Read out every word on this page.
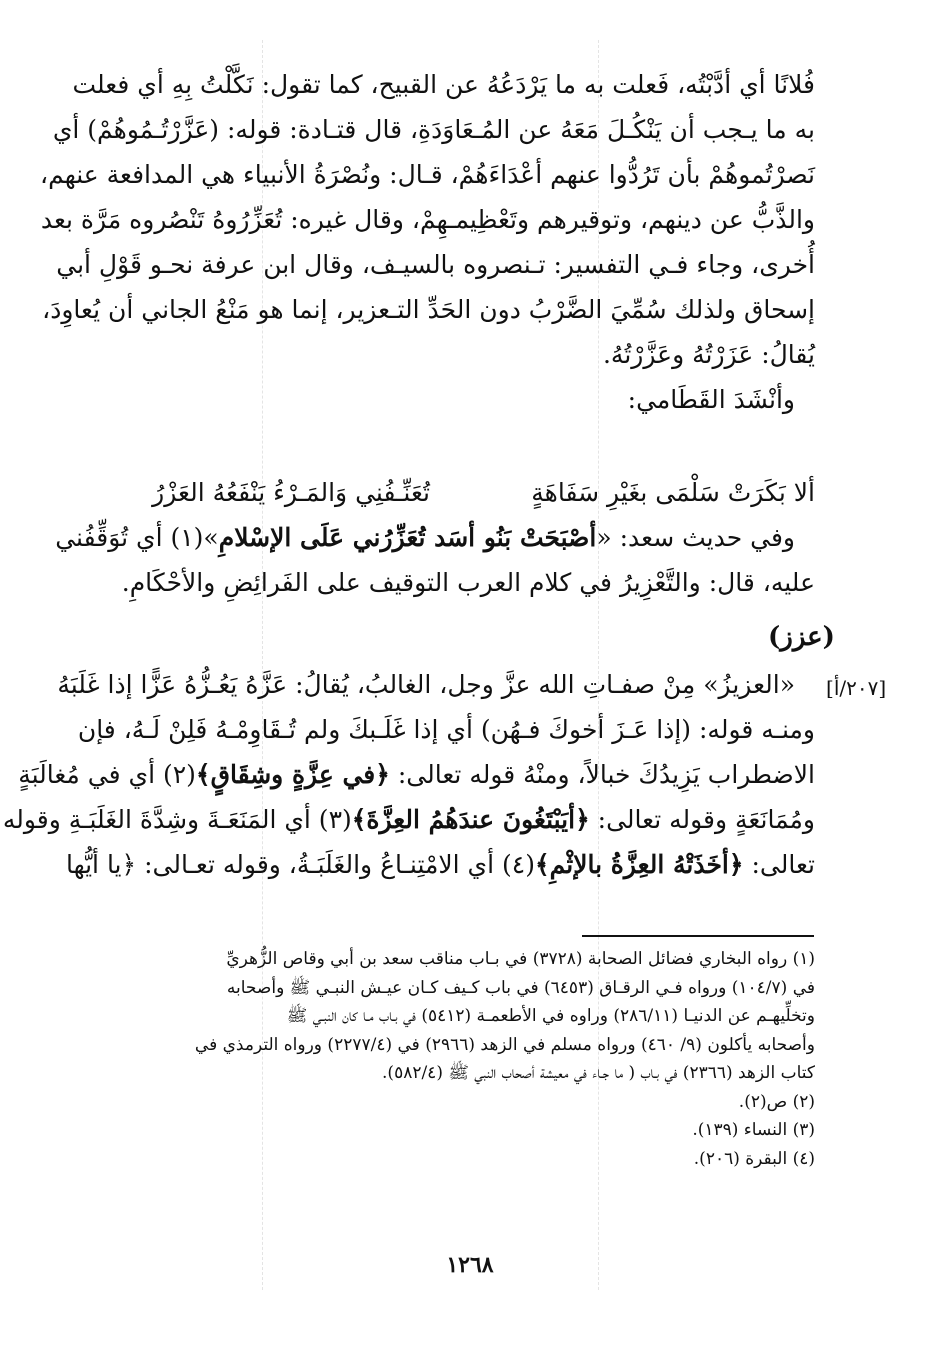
فُلانًا أي أدَّبْتُه، فَعلت به ما يَرْدَعُهُ عن القبيح، كما تقول: نَكَّلْتُ بِهِ أي فعلت
به ما يـجب أن يَنْكُـلَ مَعَهُ عن المُـعَاوَدَةِ، قال قتـادة: قوله: (عَزَّرْتُـمُوهُمْ) أي
نَصرْتُموهُمْ بأن تَرُدُّوا عنهم أعْدَاءَهُمْ، قـال: ونُصْرَةُ الأنبياء هي المدافعة عنهم،
والذَّبُّ عن دينهم، وتوقيرهم وتَعْظِيمـهِمْ، وقال غيره: تُعَزِّرُوهُ تَنْصُروه مَرَّة بعد
أُخرى، وجاء فـي التفسير: تـنصروه بالسيـف، وقال ابن عرفة نحـو قَوْلِ أبي
إسحاق ولذلك سُمِّيَ الضَّرْبُ دون الحَدِّ التـعزير، إنما هو مَنْعُ الجاني أن يُعاوِدَ،
يُقالُ: عَزَرْتُهُ وعَزَّرْتُهُ.
وأنْشَدَ القَطَامي:
ألا بَكَرَتْ سَلْمَى بغَيْرِ سَفَاهَةٍ
تُعَنِّـفُنِي وَالمَـرْءُ يَنْفَعُهُ العَزْرُ
وفي حديث سعد: «أصْبَحَتْ بَنُو أسَد تُعَزِّرُني عَلَى الإسْلامِ»(١) أي تُوَقِّفُني
عليه، قال: والتَّعْزِيرُ في كلام العرب التوقيف على الفَرائِضِ والأحْكَامِ.
(عزز)
[٢٠٧/أ]
«العزيزُ» مِنْ صفـاتِ الله عزَّ وجل، الغالبُ، يُقالُ: عَزَّهُ يَعُـزُّهُ عَزًّا إذا غَلَبَهُ
ومنـه قوله: (إذا عَـزَ أخوكَ فـهُن) أي إذا غَلَـبكَ ولم تُـقَاوِمْـهُ فَلِنْ لَـهُ، فإن
الاضطراب يَزِيدُكَ خبالاً، ومنْهُ قوله تعالى: ﴿في عِزَّةٍ وشِقَاقٍ﴾(٢) أي في مُغالَبَةٍ
ومُمَانَعَةٍ وقوله تعالى: ﴿أيَبْتَغُونَ عندَهُمُ العِزَّةَ﴾(٣) أي المَنَعَـةَ وشِدَّةَ الغَلَبَـةِ وقوله
تعالى: ﴿أخَذَتْهُ العِزَّةُ بالإثْمِ﴾(٤) أي الامْتِنـاعُ والغَلَبَـةُ، وقوله تعـالى: ﴿يا أيُّها
(١) رواه البخاري فضائل الصحابة (٣٧٢٨) في بـاب مناقب سعد بن أبي وقاص الزُّهريِّ
في (١٠٤/٧) ورواه فـي الرقـاق (٦٤٥٣) في باب كـيف كـان عيـش النبـي ﷺ وأصحابه
وتخلِّيهـم عن الدنيـا (٢٨٦/١١) وراوه في الأطعمـة (٥٤١٢) في بـاب مـا كان النبـي ﷺ
وأصحابه يأكلون (٩/ ٤٦٠) ورواه مسلم في الزهد (٢٩٦٦) في (٢٢٧٧/٤) ورواه الترمذي في
كتاب الزهد (٢٣٦٦) في بـاب ( ما جـاء في معيشة أصحاب النبي ﷺ (٥٨٢/٤).
(٢) ص(٢).
(٣) النساء (١٣٩).
(٤) البقرة (٢٠٦).
١٢٦٨
